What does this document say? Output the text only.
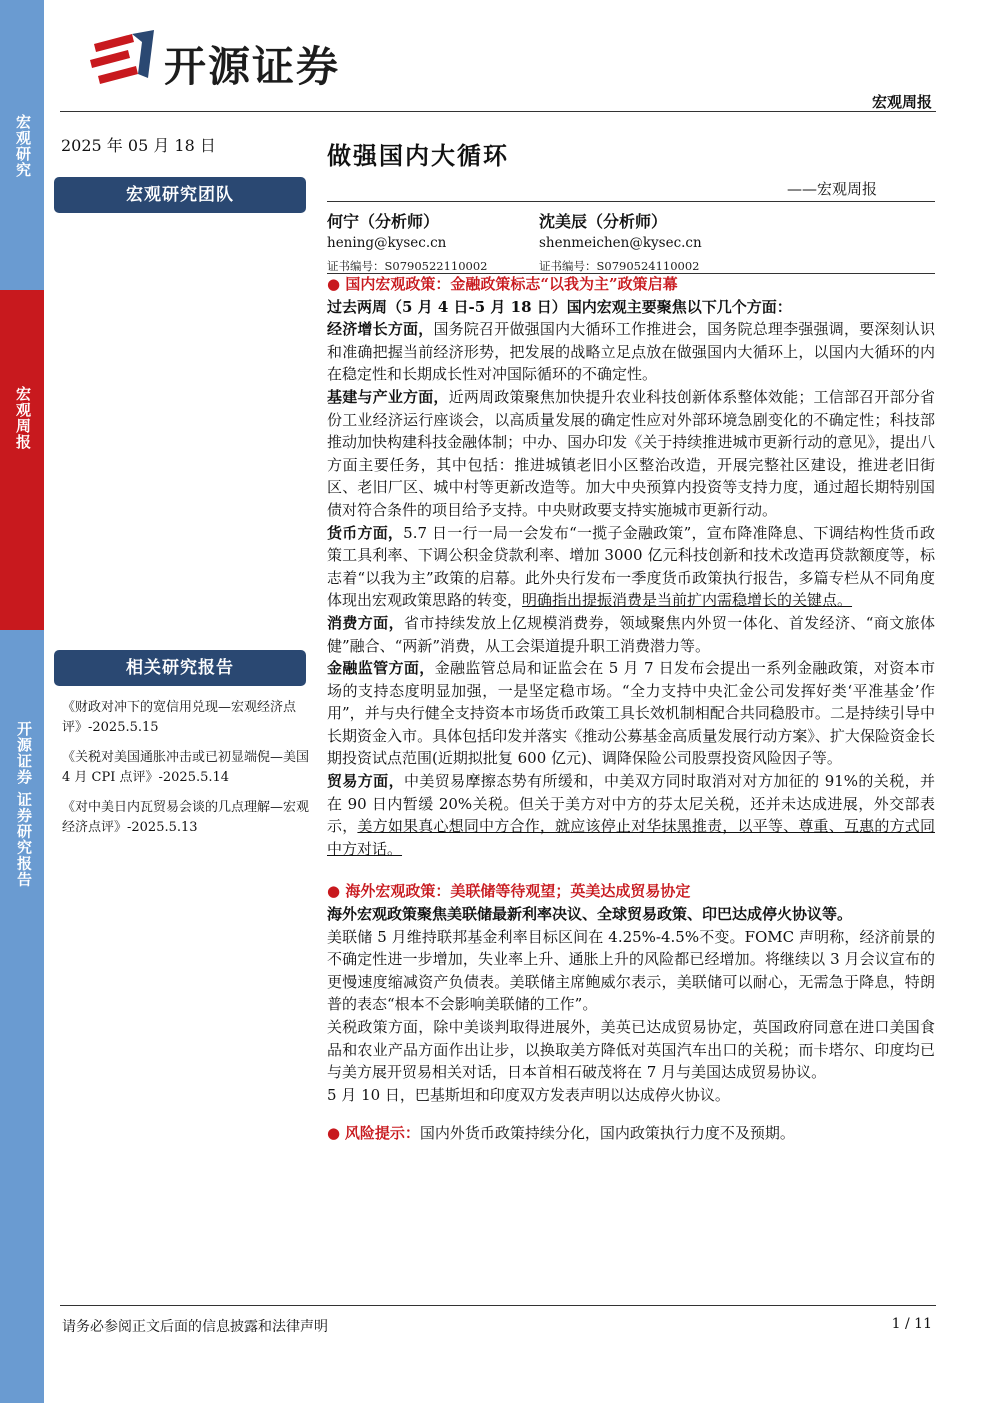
宏观研究
宏观周报
开源证券 证券研究报告
开源证券
宏观周报
2025 年 05 月 18 日	做强国内大循环
——宏观周报
宏观研究团队
何宁（分析师）
hening@kysec.cn
证书编号：S0790522110002
沈美辰（分析师）
shenmeichen@kysec.cn
证书编号：S0790524110002
相关研究报告
《财政对冲下的宽信用兑现—宏观经济点评》-2025.5.15
《关税对美国通胀冲击或已初显端倪—美国 4 月 CPI 点评》-2025.5.14
《对中美日内瓦贸易会谈的几点理解—宏观经济点评》-2025.5.13

● 国内宏观政策：金融政策标志“以我为主”政策启幕

过去两周（5 月 4 日-5 月 18 日）国内宏观主要聚焦以下几个方面：

经济增长方面，国务院召开做强国内大循环工作推进会，国务院总理李强强调，要深刻认识和准确把握当前经济形势，把发展的战略立足点放在做强国内大循环上，以国内大循环的内在稳定性和长期成长性对冲国际循环的不确定性。

基建与产业方面，近两周政策聚焦加快提升农业科技创新体系整体效能；工信部召开部分省份工业经济运行座谈会，以高质量发展的确定性应对外部环境急剧变化的不确定性；科技部推动加快构建科技金融体制；中办、国办印发《关于持续推进城市更新行动的意见》，提出八方面主要任务，其中包括：推进城镇老旧小区整治改造，开展完整社区建设，推进老旧街区、老旧厂区、城中村等更新改造等。加大中央预算内投资等支持力度，通过超长期特别国债对符合条件的项目给予支持。中央财政要支持实施城市更新行动。

货币方面，5.7 日一行一局一会发布“一揽子金融政策”，宣布降准降息、下调结构性货币政策工具利率、下调公积金贷款利率、增加 3000 亿元科技创新和技术改造再贷款额度等，标志着“以我为主”政策的启幕。此外央行发布一季度货币政策执行报告，多篇专栏从不同角度体现出宏观政策思路的转变，明确指出提振消费是当前扩内需稳增长的关键点。

消费方面，省市持续发放上亿规模消费券，领域聚焦内外贸一体化、首发经济、“商文旅体健”融合、“两新”消费，从工会渠道提升职工消费潜力等。

金融监管方面，金融监管总局和证监会在 5 月 7 日发布会提出一系列金融政策，对资本市场的支持态度明显加强，一是坚定稳市场。“全力支持中央汇金公司发挥好类‘平准基金’作用”，并与央行健全支持资本市场货币政策工具长效机制相配合共同稳股市。二是持续引导中长期资金入市。具体包括印发并落实《推动公募基金高质量发展行动方案》、扩大保险资金长期投资试点范围(近期拟批复 600 亿元)、调降保险公司股票投资风险因子等。

贸易方面，中美贸易摩擦态势有所缓和，中美双方同时取消对对方加征的 91%的关税，并在 90 日内暂缓 20%关税。但关于美方对中方的芬太尼关税，还并未达成进展，外交部表示，美方如果真心想同中方合作，就应该停止对华抹黑推责，以平等、尊重、互惠的方式同中方对话。

● 海外宏观政策：美联储等待观望；英美达成贸易协定

海外宏观政策聚焦美联储最新利率决议、全球贸易政策、印巴达成停火协议等。

美联储 5 月维持联邦基金利率目标区间在 4.25%-4.5%不变。FOMC 声明称，经济前景的不确定性进一步增加，失业率上升、通胀上升的风险都已经增加。将继续以 3 月会议宣布的更慢速度缩减资产负债表。美联储主席鲍威尔表示，美联储可以耐心，无需急于降息，特朗普的表态“根本不会影响美联储的工作”。

关税政策方面，除中美谈判取得进展外，美英已达成贸易协定，英国政府同意在进口美国食品和农业产品方面作出让步，以换取美方降低对英国汽车出口的关税；而卡塔尔、印度均已与美方展开贸易相关对话，日本首相石破茂将在 7 月与美国达成贸易协议。

5 月 10 日，巴基斯坦和印度双方发表声明以达成停火协议。

● 风险提示：国内外货币政策持续分化，国内政策执行力度不及预期。

请务必参阅正文后面的信息披露和法律声明	1 / 11
